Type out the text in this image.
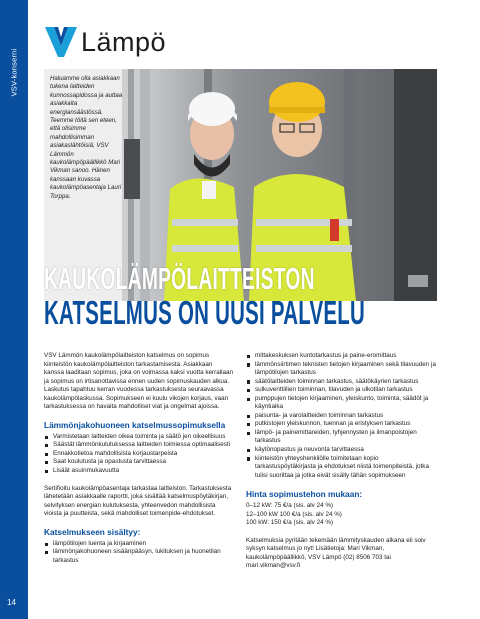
VSV-konserni
14
Lämpö
Haluamme olla asiakkaan tukena laitteiden kunnossapidossa ja auttaa asiakkaita energiansäästössä. Teemme töitä sen eteen, että olisimme mahdollisimman asiakaslähtöisiä, VSV Lämmön kaukolämpöpäällikkö Mari Vikman sanoo. Hänen kanssaan kuvassa kaukolämpöasentaja Lauri Torppa.
KAUKOLÄMPÖLAITTEISTON
KATSELMUS ON UUSI PALVELU

VSV Lämmön kaukolämpölaitteiston katselmus on sopimus kiinteistön kaukolämpölaitteiston tarkastamisesta. Asiakkaan kanssa laaditaan sopimus, joka on voimassa kaksi vuotta kerrallaan ja sopimus on irtisanottavissa ennen uuden sopimuskauden alkua. Laskutus tapahtuu kerran vuodessa tarkastuksesta seuraavassa kaukolämpölaskussa. Sopimukseen ei kuulu vikojen korjaus, vaan tarkastuksessa on havaita mahdolliset viat ja ongelmat ajoissa.

Lämmönjakohuoneen katselmussopimuksella
Varmistetaan laitteiden oikea toiminta ja säätö jen oikeellisuus
Säästät lämmönkulutuksessa laitteiden toimiessa optimaalisesti
Ennakkotietoa mahdollisista korjaustarpeista
Saat koulutusta ja opastusta tarvittaessa
Lisäät asuinmukavuutta

Sertifioitu kaukolämpöasentaja tarkastaa laitteiston. Tarkastuksesta lähetetään asiakkaalle raportti, joka sisältää katselmuspöytäkirjan, selvityksen energian kulutuksesta, yhteenvedon mahdollisista vioista ja puutteista, sekä mahdolliset toimenpide-ehdotukset.

Katselmukseen sisältyy:
lämpötilojen luenta ja kirjaaminen
lämmönjakohuoneen sisäänpääsyn, lukituksen ja huonetilan tarkastus
mittakeskuksen kuntotarkastus ja paine-eromittaus
lämmönsiirtimen teknisten tietojen kirjaaminen sekä tilavuuden ja lämpötilojen tarkastus
säätölaitteiden toiminnan tarkastus, säätökäyrien tarkastus
sulkuventtiilien toiminnan, tilavuden ja ulkotilan tarkastus
pumppujen tietojen kirjaaminen, yleiskunto, toiminta, säädöt ja käyntiaika
paisunta- ja varolaitteiden toiminnan tarkastus
putkistojen yleiskunnon, tuennan ja eristyksen tarkastus
lämpö- ja painemittareiden, tyhjennysten ja ilmanpoistojen tarkastus
käytönopastus ja neuvonta tarvittaessa
kiinteistön yhteyshenkilölle toimitetaan kopio tarkastuspöytäkirjasta ja ehdotukset niistä toimenpiteistä, jotka tulisi suorittaa ja jotka eivät sisälly tähän sopimukseen
Hinta sopimustehon mukaan:

0–12 kW: 75 €/a (sis. alv 24 %)

12–100 kW 100 €/a (sis. alv 24 %)

100 kW: 150 €/a (sis. alv 24 %)

Katselmuksia pyritään tekemään lämmityskauden alkana eli soiv syksyn katselmus jo nyt! Lisätietoja: Mari Vikman, kaukolämpöpäällikkö, VSV Lämpö (02) 8506 703 tai mari.vikman@vsv.fi
